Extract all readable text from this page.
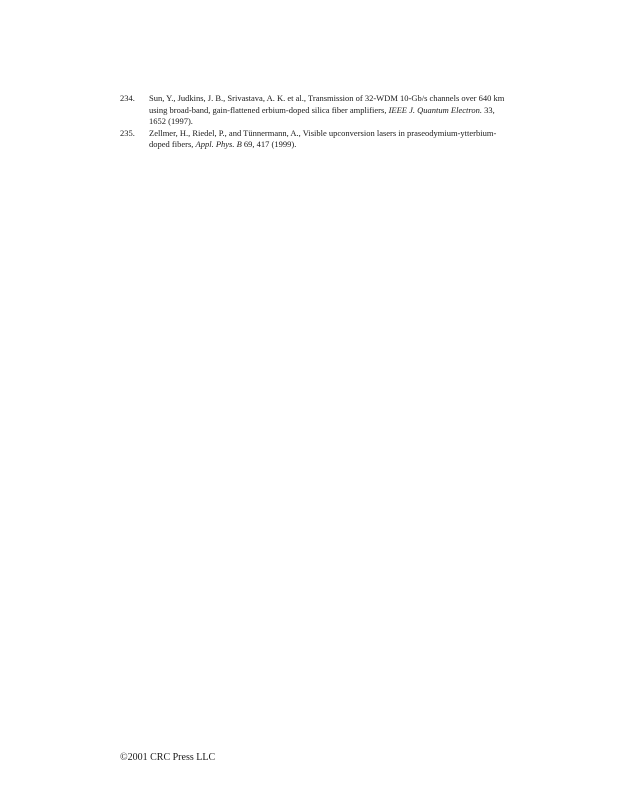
234.	Sun, Y., Judkins, J. B., Srivastava, A. K. et al., Transmission of 32-WDM 10-Gb/s channels over 640 km using broad-band, gain-flattened erbium-doped silica fiber amplifiers, IEEE J. Quantum Electron. 33, 1652 (1997).
235.	Zellmer, H., Riedel, P., and Tünnermann, A., Visible upconversion lasers in praseodymium-ytterbium-doped fibers, Appl. Phys. B 69, 417 (1999).
©2001 CRC Press LLC
